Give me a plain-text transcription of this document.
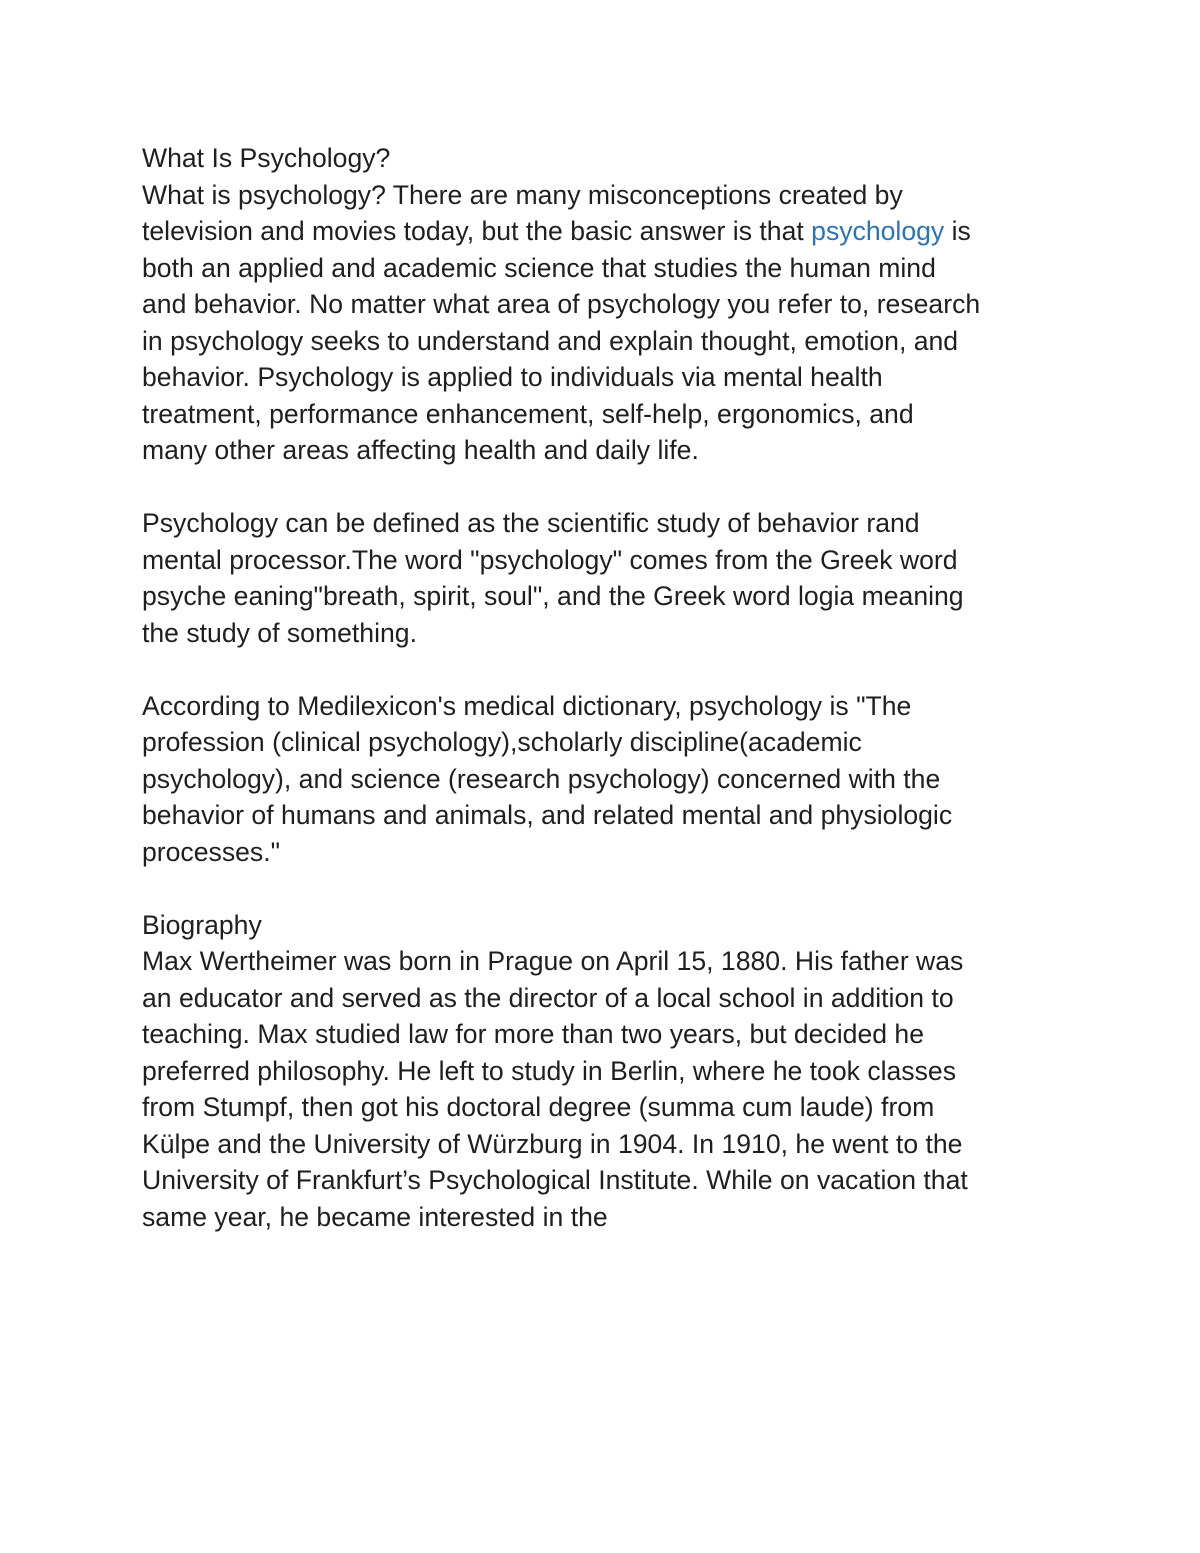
What Is Psychology?
What is psychology? There are many misconceptions created by
television and movies today, but the basic answer is that psychology is
both an applied and academic science that studies the human mind
and behavior. No matter what area of psychology you refer to, research
in psychology seeks to understand and explain thought, emotion, and
behavior. Psychology is applied to individuals via mental health
treatment, performance enhancement, self-help, ergonomics, and
many other areas affecting health and daily life.
Psychology can be defined as the scientific study of behavior rand
mental processor.The word "psychology" comes from the Greek word
psyche eaning"breath, spirit, soul", and the Greek word logia meaning
the study of something.
According to Medilexicon's medical dictionary, psychology is "The
profession (clinical psychology),scholarly discipline(academic
psychology), and science (research psychology) concerned with the
behavior of humans and animals, and related mental and physiologic
processes."
Biography
Max Wertheimer was born in Prague on April 15, 1880. His father was
an educator and served as the director of a local school in addition to
teaching. Max studied law for more than two years, but decided he
preferred philosophy. He left to study in Berlin, where he took classes
from Stumpf, then got his doctoral degree (summa cum laude) from
Külpe and the University of Würzburg in 1904. In 1910, he went to the
University of Frankfurt’s Psychological Institute. While on vacation that
same year, he became interested in the
